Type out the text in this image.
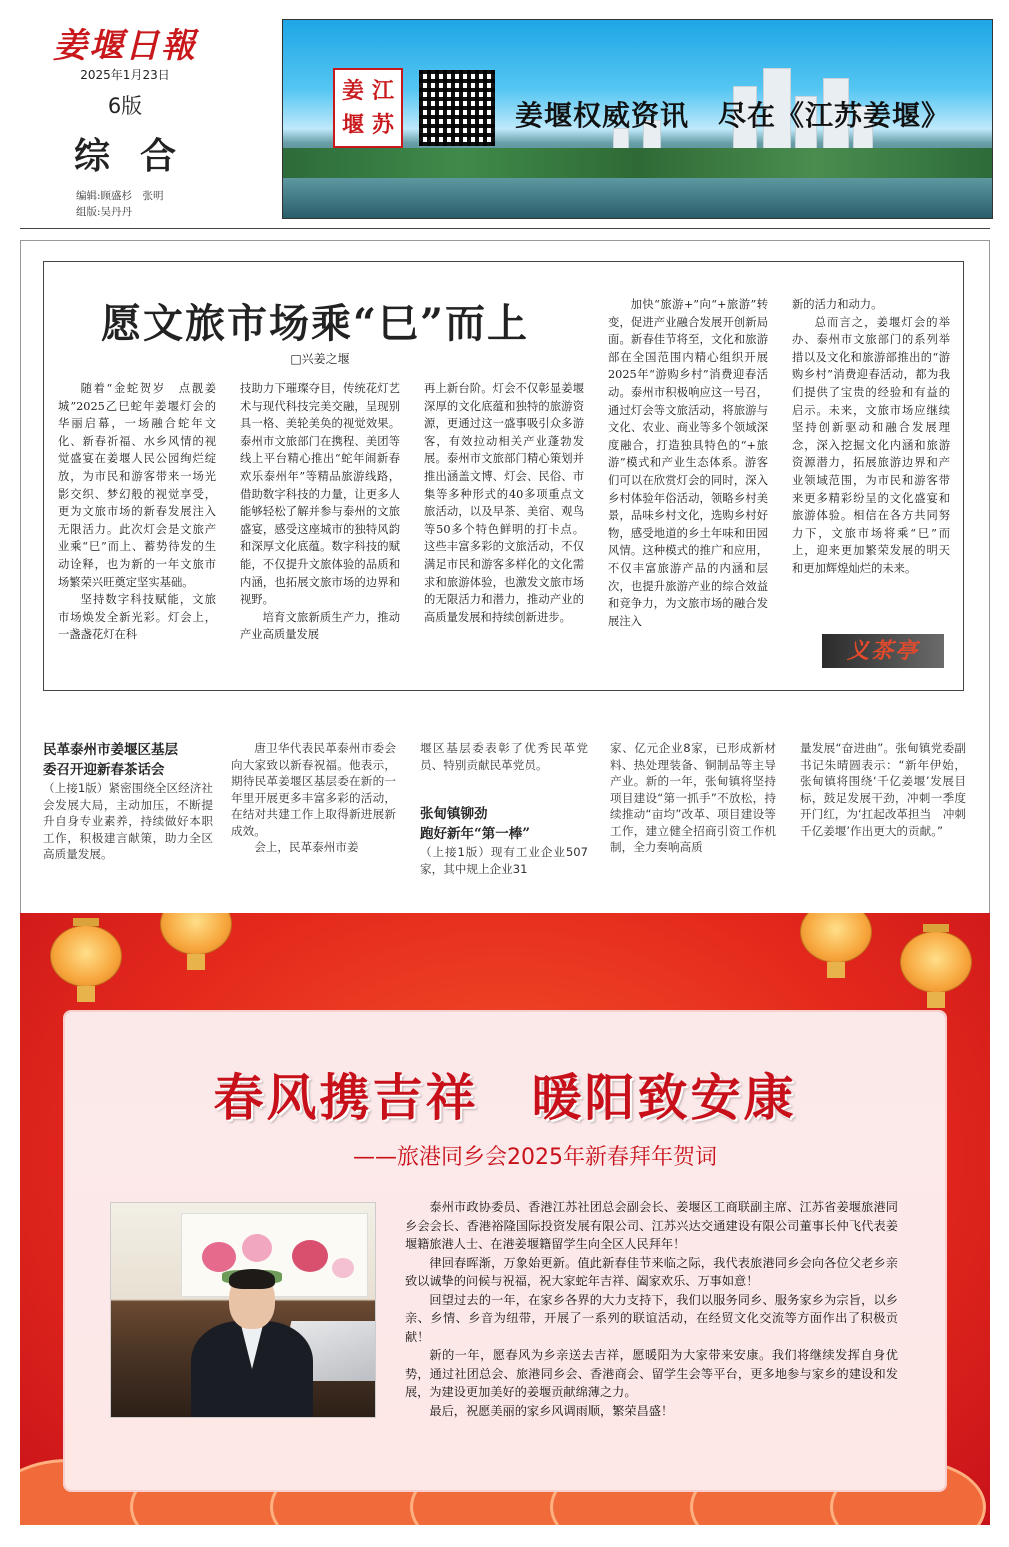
姜堰日報
2025年1月23日
6版
综合
编辑:顾盛杉　张明
组版:吴丹丹
姜 江
堰 苏	姜堰权威资讯　尽在《江苏姜堰》
愿文旅市场乘“巳”而上
□兴姜之堰

随着“金蛇贺岁　点靓姜城”2025乙巳蛇年姜堰灯会的华丽启幕，一场融合蛇年文化、新春祈福、水乡风情的视觉盛宴在姜堰人民公园绚烂绽放，为市民和游客带来一场光影交织、梦幻般的视觉享受，更为文旅市场的新春发展注入无限活力。此次灯会是文旅产业乘“巳”而上、蓄势待发的生动诠释，也为新的一年文旅市场繁荣兴旺奠定坚实基础。

坚持数字科技赋能，文旅市场焕发全新光彩。灯会上，一盏盏花灯在科

技助力下璀璨夺目，传统花灯艺术与现代科技完美交融，呈现别具一格、美轮美奂的视觉效果。泰州市文旅部门在携程、美团等线上平台精心推出“蛇年闹新春　欢乐泰州年”等精品旅游线路，借助数字科技的力量，让更多人能够轻松了解并参与泰州的文旅盛宴，感受这座城市的独特风韵和深厚文化底蕴。数字科技的赋能，不仅提升文旅体验的品质和内涵，也拓展文旅市场的边界和视野。

培育文旅新质生产力，推动产业高质量发展

再上新台阶。灯会不仅彰显姜堰深厚的文化底蕴和独特的旅游资源，更通过这一盛事吸引众多游客，有效拉动相关产业蓬勃发展。泰州市文旅部门精心策划并推出涵盖文博、灯会、民俗、市集等多种形式的40多项重点文旅活动，以及早茶、美宿、观鸟等50多个特色鲜明的打卡点。这些丰富多彩的文旅活动，不仅满足市民和游客多样化的文化需求和旅游体验，也激发文旅市场的无限活力和潜力，推动产业的高质量发展和持续创新进步。

加快“旅游+”向“+旅游”转变，促进产业融合发展开创新局面。新春佳节将至，文化和旅游部在全国范围内精心组织开展2025年“游购乡村”消费迎春活动。泰州市积极响应这一号召，通过灯会等文旅活动，将旅游与文化、农业、商业等多个领域深度融合，打造独具特色的“+旅游”模式和产业生态体系。游客们可以在欣赏灯会的同时，深入乡村体验年俗活动，领略乡村美景，品味乡村文化，选购乡村好物，感受地道的乡土年味和田园风情。这种模式的推广和应用，不仅丰富旅游产品的内涵和层次，也提升旅游产业的综合效益和竞争力，为文旅市场的融合发展注入

新的活力和动力。

总而言之，姜堰灯会的举办、泰州市文旅部门的系列举措以及文化和旅游部推出的“游购乡村”消费迎春活动，都为我们提供了宝贵的经验和有益的启示。未来，文旅市场应继续坚持创新驱动和融合发展理念，深入挖掘文化内涵和旅游资源潜力，拓展旅游边界和产业领域范围，为市民和游客带来更多精彩纷呈的文化盛宴和旅游体验。相信在各方共同努力下，文旅市场将乘“巳”而上，迎来更加繁荣发展的明天和更加辉煌灿烂的未来。

义茶亭
民革泰州市姜堰区基层
委召开迎新春茶话会

（上接1版）紧密围绕全区经济社会发展大局，主动加压，不断提升自身专业素养，持续做好本职工作，积极建言献策，助力全区高质量发展。

唐卫华代表民革泰州市委会向大家致以新春祝福。他表示，期待民革姜堰区基层委在新的一年里开展更多丰富多彩的活动，在结对共建工作上取得新进展新成效。

会上，民革泰州市姜

堰区基层委表彰了优秀民革党员、特别贡献民革党员。

张甸镇铆劲
跑好新年“第一棒”

（上接1版）现有工业企业507家，其中规上企业31

家、亿元企业8家，已形成新材料、热处理装备、铜制品等主导产业。新的一年，张甸镇将坚持项目建设“第一抓手”不放松，持续推动“亩均”改革、项目建设等工作，建立健全招商引资工作机制，全力奏响高质

量发展“奋进曲”。张甸镇党委副书记朱晴圆表示：“新年伊始，张甸镇将围绕‘千亿姜堰’发展目标，鼓足发展干劲，冲刺一季度开门红，为‘扛起改革担当　冲刺千亿姜堰’作出更大的贡献。”

春风携吉祥　暖阳致安康
——旅港同乡会2025年新春拜年贺词

泰州市政协委员、香港江苏社团总会副会长、姜堰区工商联副主席、江苏省姜堰旅港同乡会会长、香港裕隆国际投资发展有限公司、江苏兴达交通建设有限公司董事长仲飞代表姜堰籍旅港人士、在港姜堰籍留学生向全区人民拜年！

律回春晖渐，万象始更新。值此新春佳节来临之际，我代表旅港同乡会向各位父老乡亲致以诚挚的问候与祝福，祝大家蛇年吉祥、阖家欢乐、万事如意！

回望过去的一年，在家乡各界的大力支持下，我们以服务同乡、服务家乡为宗旨，以乡亲、乡情、乡音为纽带，开展了一系列的联谊活动，在经贸文化交流等方面作出了积极贡献！

新的一年，愿春风为乡亲送去吉祥，愿暖阳为大家带来安康。我们将继续发挥自身优势，通过社团总会、旅港同乡会、香港商会、留学生会等平台，更多地参与家乡的建设和发展，为建设更加美好的姜堰贡献绵薄之力。

最后，祝愿美丽的家乡风调雨顺，繁荣昌盛！
